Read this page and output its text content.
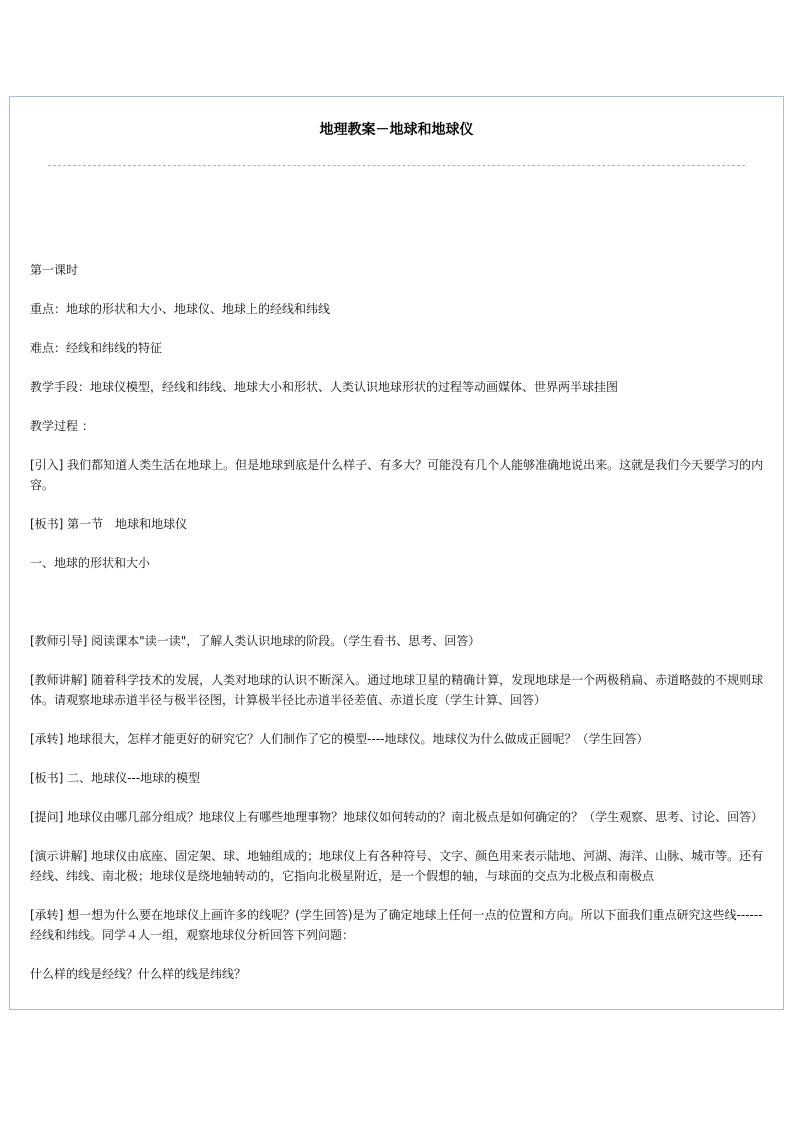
地理教案－地球和地球仪

第一课时

重点：地球的形状和大小、地球仪、地球上的经线和纬线

难点：经线和纬线的特征

教学手段：地球仪模型，经线和纬线、地球大小和形状、人类认识地球形状的过程等动画媒体、世界两半球挂图

教学过程 ：

[引入] 我们都知道人类生活在地球上。但是地球到底是什么样子、有多大？可能没有几个人能够准确地说出来。这就是我们今天要学习的内容。

[板书] 第一节　地球和地球仪

一、地球的形状和大小

[教师引导] 阅读课本"读一读"，了解人类认识地球的阶段。（学生看书、思考、回答）

[教师讲解] 随着科学技术的发展，人类对地球的认识不断深入。通过地球卫星的精确计算，发现地球是一个两极稍扁、赤道略鼓的不规则球体。请观察地球赤道半径与极半径图，计算极半径比赤道半径差值、赤道长度（学生计算、回答）

[承转] 地球很大，怎样才能更好的研究它？人们制作了它的模型----地球仪。地球仪为什么做成正圆呢？（学生回答）

[板书] 二、地球仪---地球的模型

[提问] 地球仪由哪几部分组成？地球仪上有哪些地理事物？地球仪如何转动的？南北极点是如何确定的？（学生观察、思考、讨论、回答）

[演示讲解] 地球仪由底座、固定架、球、地轴组成的；地球仪上有各种符号、文字、颜色用来表示陆地、河湖、海洋、山脉、城市等。还有经线、纬线、南北极；地球仪是绕地轴转动的，它指向北极星附近，是一个假想的轴，与球面的交点为北极点和南极点

[承转] 想一想为什么要在地球仪上画许多的线呢？(学生回答)是为了确定地球上任何一点的位置和方向。所以下面我们重点研究这些线------经线和纬线。同学４人一组，观察地球仪分析回答下列问题：

什么样的线是经线？什么样的线是纬线？
